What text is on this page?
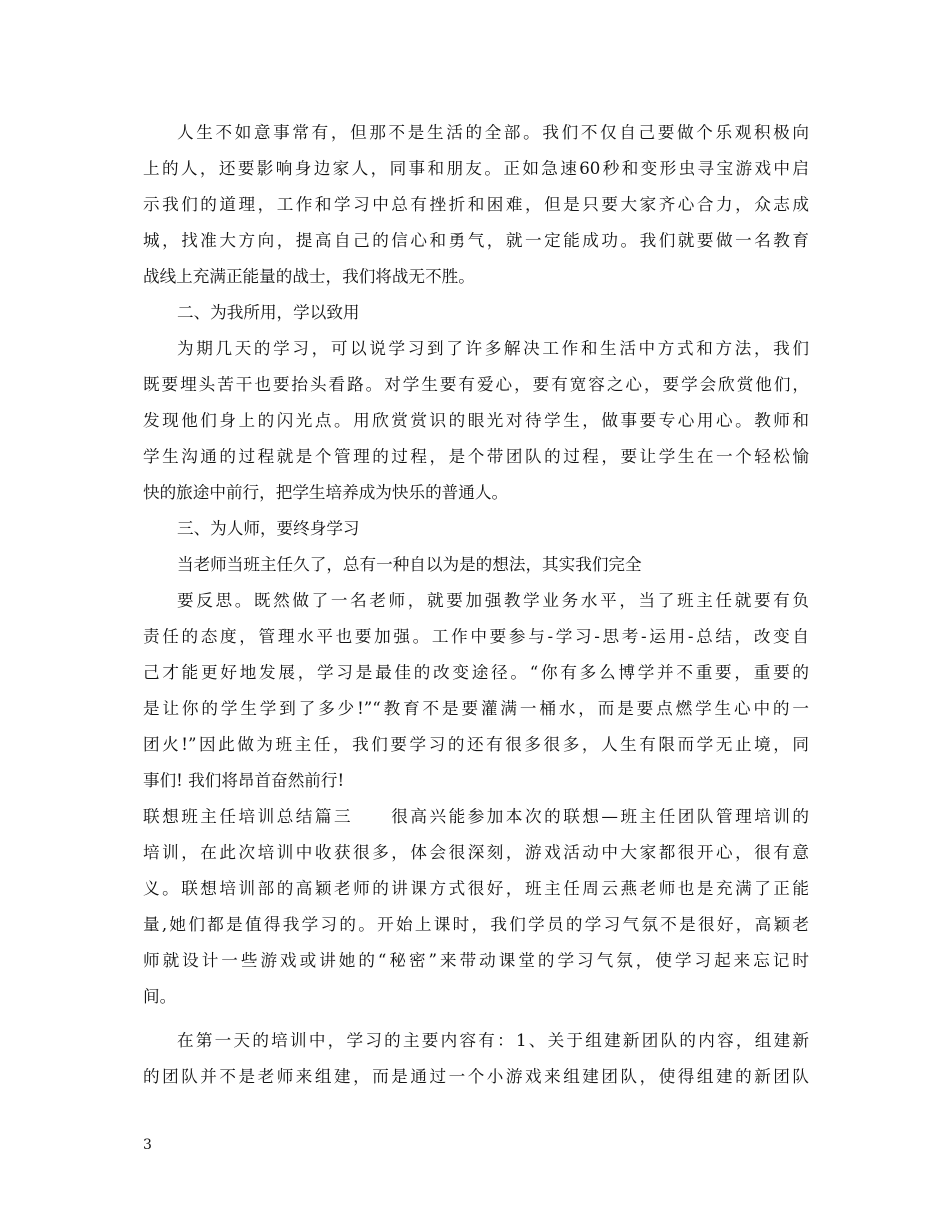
人生不如意事常有，但那不是生活的全部。我们不仅自己要做个乐观积极向
上的人，还要影响身边家人，同事和朋友。正如急速60秒和变形虫寻宝游戏中启
示我们的道理，工作和学习中总有挫折和困难，但是只要大家齐心合力，众志成
城，找准大方向，提高自己的信心和勇气，就一定能成功。我们就要做一名教育
战线上充满正能量的战士，我们将战无不胜。
二、为我所用，学以致用
为期几天的学习，可以说学习到了许多解决工作和生活中方式和方法，我们
既要埋头苦干也要抬头看路。对学生要有爱心，要有宽容之心，要学会欣赏他们，
发现他们身上的闪光点。用欣赏赏识的眼光对待学生，做事要专心用心。教师和
学生沟通的过程就是个管理的过程，是个带团队的过程，要让学生在一个轻松愉
快的旅途中前行，把学生培养成为快乐的普通人。
三、为人师，要终身学习
当老师当班主任久了，总有一种自以为是的想法，其实我们完全
要反思。既然做了一名老师，就要加强教学业务水平，当了班主任就要有负
责任的态度，管理水平也要加强。工作中要参与-学习-思考-运用-总结，改变自
己才能更好地发展，学习是最佳的改变途径。“你有多么博学并不重要，重要的
是让你的学生学到了多少!”“教育不是要灌满一桶水，而是要点燃学生心中的一
团火!”因此做为班主任，我们要学习的还有很多很多，人生有限而学无止境，同
事们! 我们将昂首奋然前行!
联想班主任培训总结篇三　　很高兴能参加本次的联想—班主任团队管理培训的
培训，在此次培训中收获很多，体会很深刻，游戏活动中大家都很开心，很有意
义。联想培训部的高颖老师的讲课方式很好，班主任周云燕老师也是充满了正能
量,她们都是值得我学习的。开始上课时，我们学员的学习气氛不是很好，高颖老
师就设计一些游戏或讲她的“秘密”来带动课堂的学习气氛，使学习起来忘记时
间。
在第一天的培训中，学习的主要内容有：1、关于组建新团队的内容，组建新
的团队并不是老师来组建，而是通过一个小游戏来组建团队，使得组建的新团队
3
